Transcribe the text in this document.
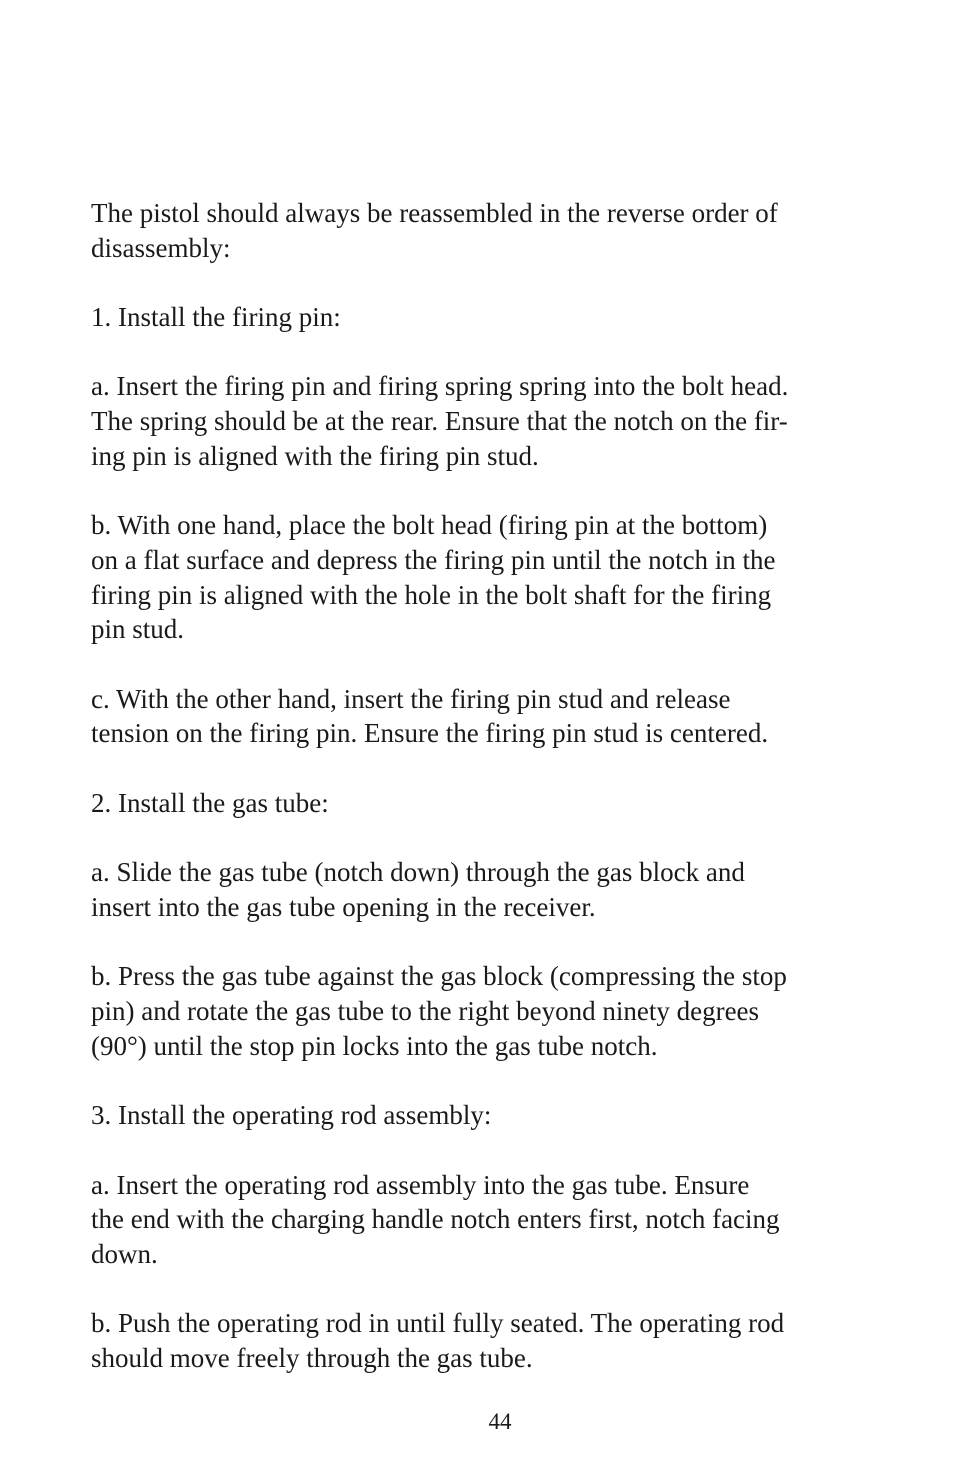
The pistol should always be reassembled in the reverse order of
disassembly:

1. Install the firing pin:

a. Insert the firing pin and firing spring spring into the bolt head.
The spring should be at the rear. Ensure that the notch on the fir-
ing pin is aligned with the firing pin stud.

b. With one hand, place the bolt head (firing pin at the bottom)
on a flat surface and depress the firing pin until the notch in the
firing pin is aligned with the hole in the bolt shaft for the firing
pin stud.

c. With the other hand, insert the firing pin stud and release
tension on the firing pin. Ensure the firing pin stud is centered.

2. Install the gas tube:

a. Slide the gas tube (notch down) through the gas block and
insert into the gas tube opening in the receiver.

b. Press the gas tube against the gas block (compressing the stop
pin) and rotate the gas tube to the right beyond ninety degrees
(90°) until the stop pin locks into the gas tube notch.

3. Install the operating rod assembly:

a. Insert the operating rod assembly into the gas tube. Ensure
the end with the charging handle notch enters first, notch facing
down.

b. Push the operating rod in until fully seated. The operating rod
should move freely through the gas tube.

44
